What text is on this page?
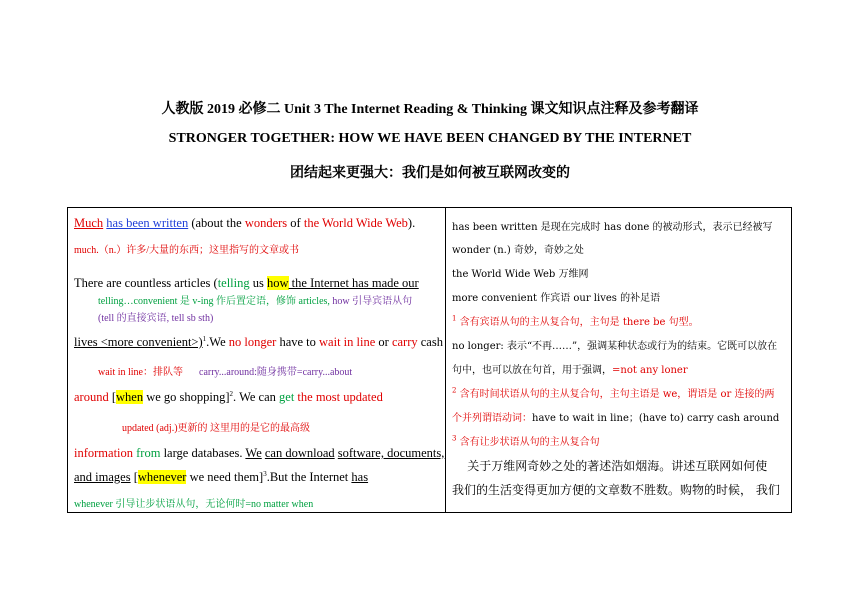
人教版 2019 必修二 Unit 3 The Internet Reading & Thinking 课文知识点注释及参考翻译
STRONGER TOGETHER: HOW WE HAVE BEEN CHANGED BY THE INTERNET
团结起来更强大：我们是如何被互联网改变的
Much has been written (about the wonders of the World Wide Web).
much.（n.）许多/大量的东西；这里指写的文章或书
There are countless articles (telling us how the Internet has made our
telling…convenient 是 v-ing 作后置定语，修饰 articles, how 引导宾语从句
(tell 的直接宾语, tell sb sth)
lives <more convenient>)$^1$.We no longer have to wait in line or carry cash
wait in line：排队等 carry...around:随身携带=carry...about
around [when we go shopping]$^2$. We can get the most updated
updated (adj.)更新的 这里用的是它的最高级
information from large databases. We can download software, documents,
and images [whenever we need them]$^3$.But the Internet has
whenever 引导让步状语从句，无论何时=no matter when
has been written 是现在完成时 has done 的被动形式，表示已经被写
wonder (n.) 奇妙，奇妙之处
the World Wide Web 万维网
more convenient 作宾语 our lives 的补足语
$^1$ 含有宾语从句的主从复合句，主句是 there be 句型。
no longer: 表示“不再……”，强调某种状态或行为的结束。它既可以放在
句中，也可以放在句首，用于强调，=not any loner
$^2$ 含有时间状语从句的主从复合句，主句主语是 we，谓语是 or 连接的两
个并列谓语动词：have to wait in line；(have to) carry cash around
$^3$ 含有让步状语从句的主从复合句
关于万维网奇妙之处的著述浩如烟海。讲述互联网如何使
我们的生活变得更加方便的文章数不胜数。购物的时候， 我们
